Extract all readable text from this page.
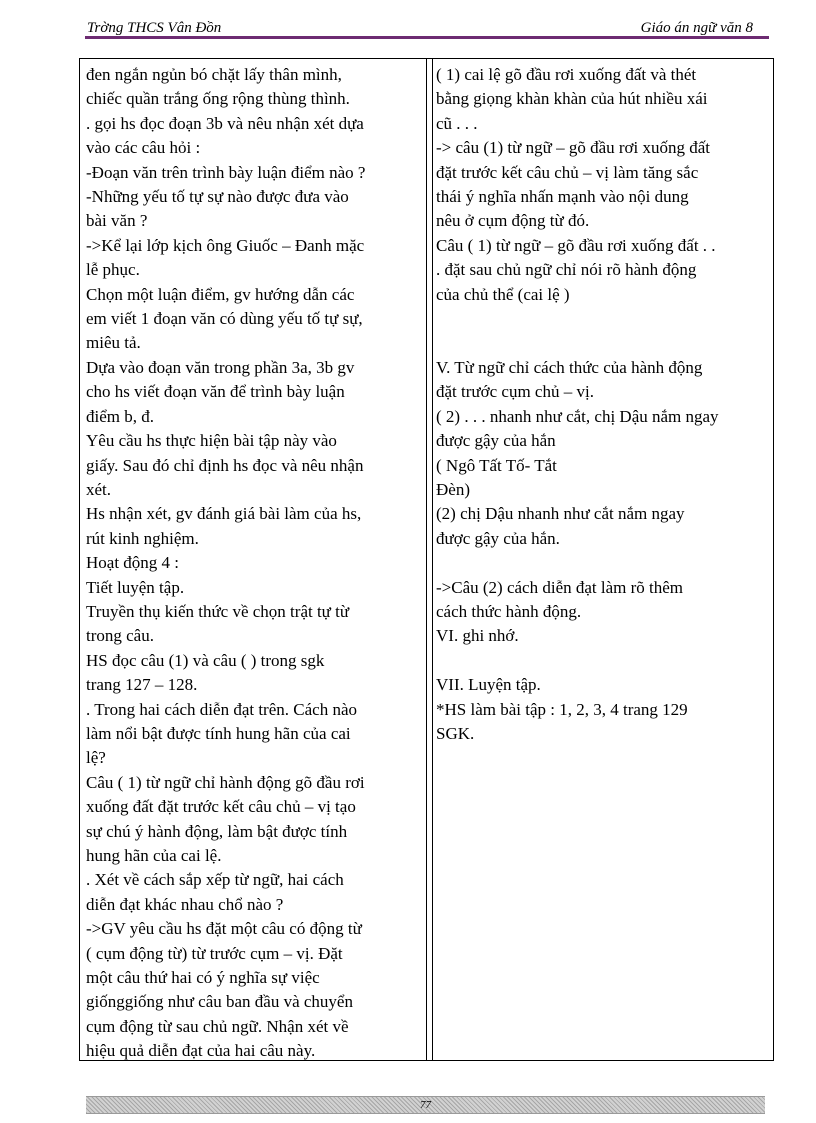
Trờng THCS Vân Đồn	Giáo án ngữ văn 8
đen ngắn ngủn bó chặt lấy thân mình,
chiếc quần trắng ống rộng thùng thình.
. gọi hs đọc đoạn 3b và nêu nhận xét dựa
vào các câu hỏi :
-Đoạn văn trên trình bày luận điểm nào ?
-Những yếu tố tự sự nào được đưa vào
bài văn ?
->Kể lại lớp kịch ông Giuốc – Đanh mặc
lễ phục.
Chọn một luận điểm, gv hướng dẫn các
em viết 1 đoạn văn có dùng yếu tố tự sự,
miêu tả.
Dựa vào đoạn văn trong phần 3a, 3b gv
cho hs viết đoạn văn để trình bày luận
điểm b, đ.
Yêu cầu hs thực hiện bài tập này vào
giấy. Sau đó chỉ định hs đọc và nêu nhận
xét.
Hs nhận xét, gv đánh giá bài làm của hs,
rút kinh nghiệm.
Hoạt động 4 :
Tiết luyện tập.
Truyền thụ kiến thức về chọn trật tự từ
trong câu.
HS đọc câu (1) và câu ( ) trong sgk
trang 127 – 128.
. Trong hai cách diễn đạt trên. Cách nào
làm nổi bật được tính hung hãn của cai
lệ?
Câu ( 1) từ ngữ chỉ hành động gõ đầu rơi
xuống đất đặt trước kết câu chủ – vị tạo
sự chú ý hành động, làm bật được tính
hung hãn của cai lệ.
. Xét về cách sắp xếp từ ngữ, hai cách
diễn đạt khác nhau chổ nào ?
->GV yêu cầu hs đặt một câu có động từ
( cụm động từ) từ trước cụm – vị. Đặt
một câu thứ hai có ý nghĩa sự việc
giốnggiống như câu ban đầu và chuyển
cụm động từ sau chủ ngữ. Nhận xét về
hiệu quả diễn đạt của hai câu này.
( 1) cai lệ gõ đầu rơi xuống đất và thét
bằng giọng khàn khàn của hút nhiều xái
cũ . . .
-> câu (1) từ ngữ – gõ đầu rơi xuống đất
đặt trước kết câu chủ – vị làm tăng sắc
thái ý nghĩa nhấn mạnh vào nội dung
nêu ở cụm động từ đó.
Câu ( 1) từ ngữ – gõ đầu rơi xuống đất . .
. đặt sau chủ ngữ chỉ nói rõ hành động
của chủ thể (cai lệ )

V. Từ ngữ chỉ cách thức của hành động
đặt trước cụm chủ – vị.
( 2) . . . nhanh như cắt, chị Dậu nắm ngay
được gậy của hắn
( Ngô Tất Tố- Tắt
Đèn)
(2) chị Dậu nhanh như cắt nắm ngay
được gậy của hắn.

->Câu (2) cách diễn đạt làm rõ thêm
cách thức hành động.
VI. ghi nhớ.

VII. Luyện tập.
*HS làm bài tập : 1, 2, 3, 4 trang 129
SGK.
77
